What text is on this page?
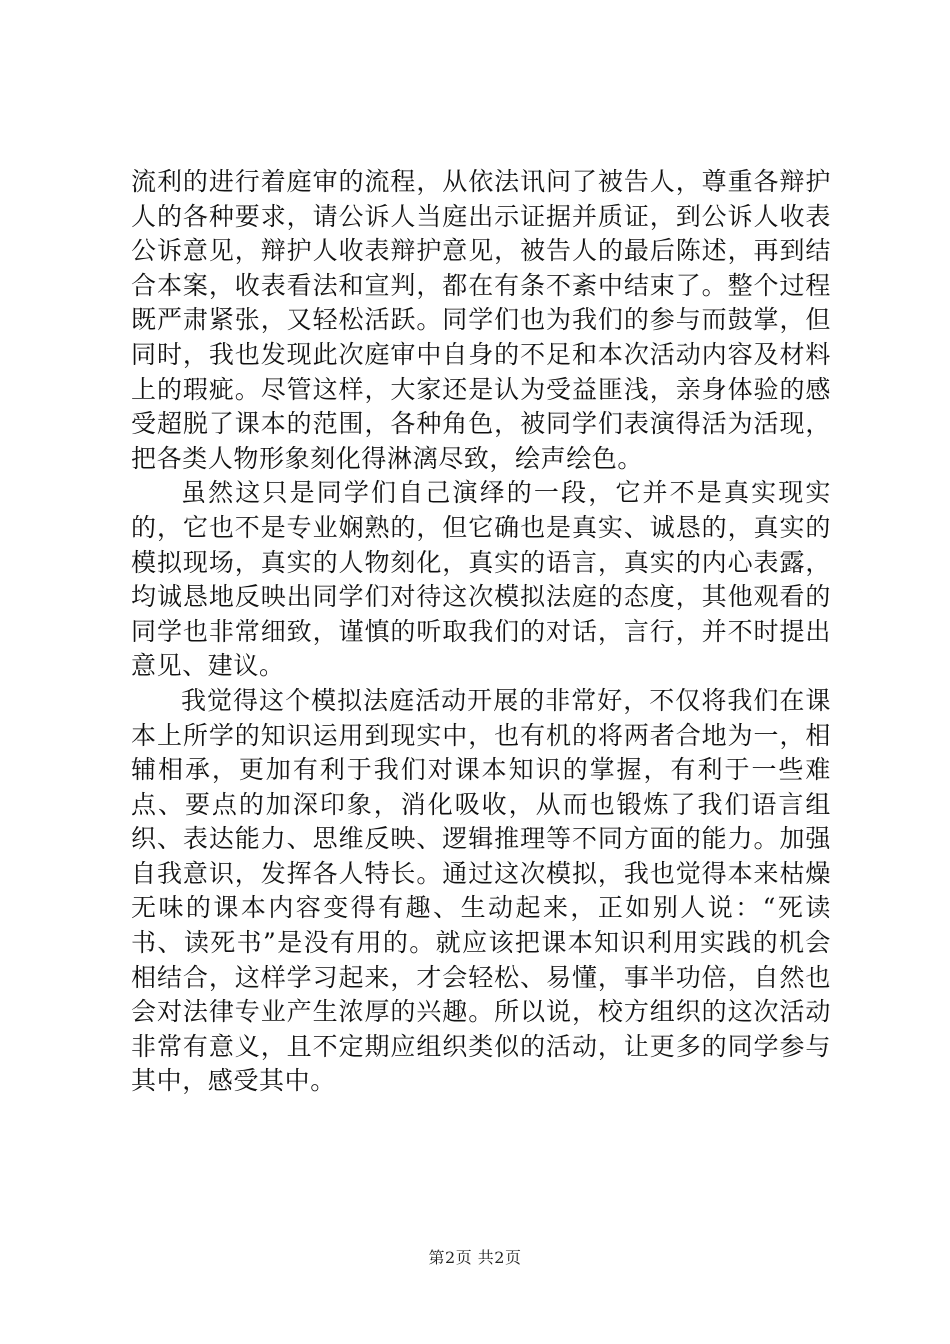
流利的进行着庭审的流程，从依法讯问了被告人，尊重各辩护人的各种要求，请公诉人当庭出示证据并质证，到公诉人收表公诉意见，辩护人收表辩护意见，被告人的最后陈述，再到结合本案，收表看法和宣判，都在有条不紊中结束了。整个过程既严肃紧张，又轻松活跃。同学们也为我们的参与而鼓掌，但同时，我也发现此次庭审中自身的不足和本次活动内容及材料上的瑕疵。尽管这样，大家还是认为受益匪浅，亲身体验的感受超脱了课本的范围，各种角色，被同学们表演得活为活现，把各类人物形象刻化得淋漓尽致，绘声绘色。

虽然这只是同学们自己演绎的一段，它并不是真实现实的，它也不是专业娴熟的，但它确也是真实、诚恳的，真实的模拟现场，真实的人物刻化，真实的语言，真实的内心表露，均诚恳地反映出同学们对待这次模拟法庭的态度，其他观看的同学也非常细致，谨慎的听取我们的对话，言行，并不时提出意见、建议。

我觉得这个模拟法庭活动开展的非常好，不仅将我们在课本上所学的知识运用到现实中，也有机的将两者合地为一，相辅相承，更加有利于我们对课本知识的掌握，有利于一些难点、要点的加深印象，消化吸收，从而也锻炼了我们语言组织、表达能力、思维反映、逻辑推理等不同方面的能力。加强自我意识，发挥各人特长。通过这次模拟，我也觉得本来枯燥无味的课本内容变得有趣、生动起来，正如别人说：“死读书、读死书”是没有用的。就应该把课本知识利用实践的机会相结合，这样学习起来，才会轻松、易懂，事半功倍，自然也会对法律专业产生浓厚的兴趣。所以说，校方组织的这次活动非常有意义，且不定期应组织类似的活动，让更多的同学参与其中，感受其中。

第2页 共2页
